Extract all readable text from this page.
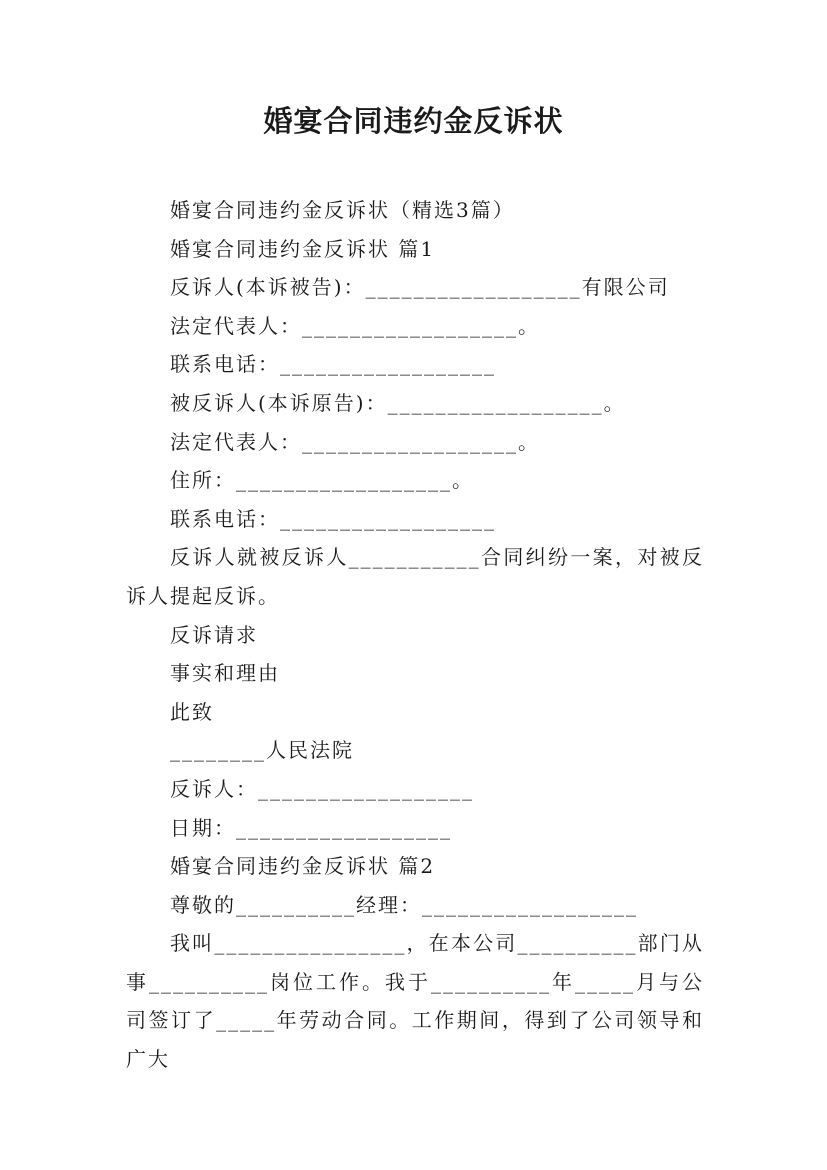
婚宴合同违约金反诉状

婚宴合同违约金反诉状（精选3篇）

婚宴合同违约金反诉状 篇1

反诉人(本诉被告)：__________________有限公司

法定代表人：__________________。

联系电话：__________________

被反诉人(本诉原告)：__________________。

法定代表人：__________________。

住所：__________________。

联系电话：__________________

反诉人就被反诉人___________合同纠纷一案，对被反诉人提起反诉。

反诉请求

事实和理由

此致

________人民法院

反诉人：__________________

日期：__________________

婚宴合同违约金反诉状 篇2

尊敬的__________经理：__________________

我叫________________，在本公司__________部门从事__________岗位工作。我于__________年_____月与公司签订了_____年劳动合同。工作期间，得到了公司领导和广大
